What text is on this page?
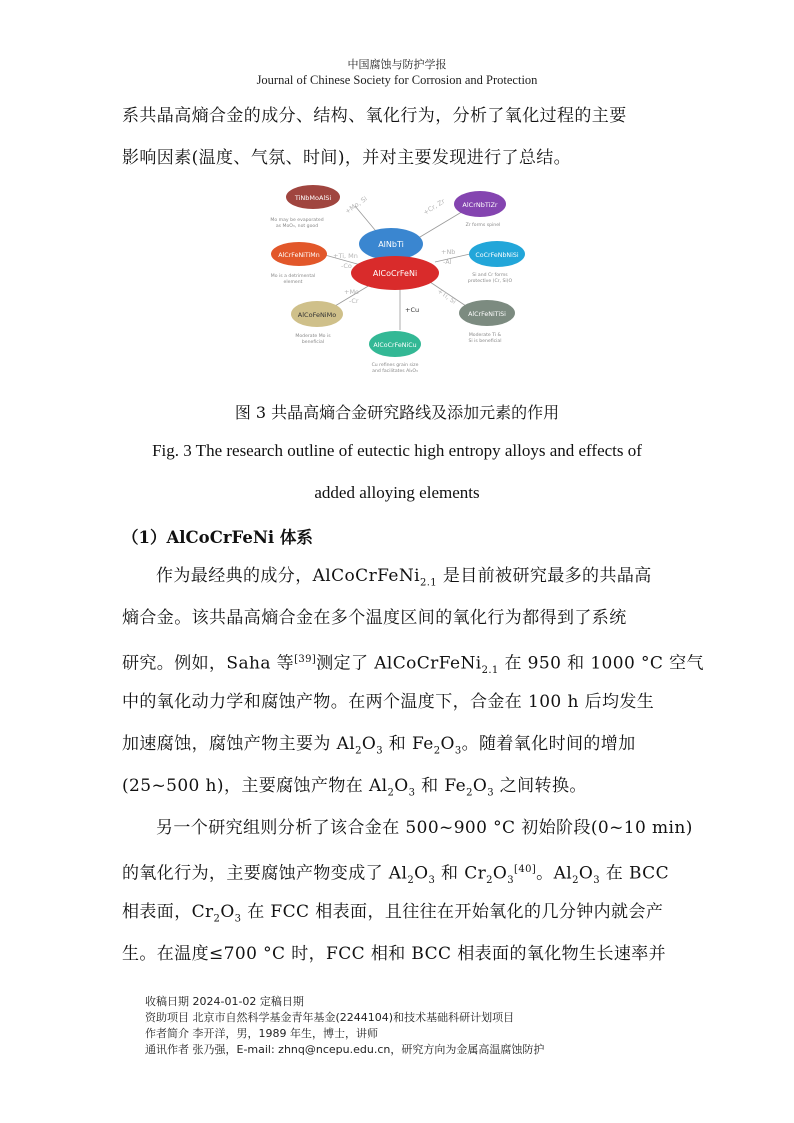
中国腐蚀与防护学报
Journal of Chinese Society for Corrosion and Protection
系共晶高熵合金的成分、结构、氧化行为，分析了氧化过程的主要
影响因素(温度、气氛、时间)，并对主要发现进行了总结。
+Mo, Si
+Ti, Mn
-Co
+Mo
-Cr
+Cu
+Cr, Zr
+Nb
-Al
+Ti, Si
TiNbMoAlSi
AlCrFeNiTiMn
AlCoFeNiMo
AlCoCrFeNiCu
AlCrNbTiZr
CoCrFeNbNiSi
AlCrFeNiTiSi
AlNbTi
AlCoCrFeNi
Mo may be evaporated
as MoO₃, not good
Mo is a detrimental
element
Moderate Mo is
beneficial
Cu refines grain size
and facilitates Al₂O₃
Zr forms spinel
Si and Cr forms
protective (Cr, Si)O
Moderate Ti &
Si is beneficial
图 3 共晶高熵合金研究路线及添加元素的作用
Fig. 3 The research outline of eutectic high entropy alloys and effects of
added alloying elements
（1）AlCoCrFeNi 体系
作为最经典的成分，AlCoCrFeNi$_{2.1}$ 是目前被研究最多的共晶高
熵合金。该共晶高熵合金在多个温度区间的氧化行为都得到了系统
研究。例如，Saha 等[39]测定了 AlCoCrFeNi$_{2.1}$ 在 950 和 1000 °C 空气
中的氧化动力学和腐蚀产物。在两个温度下，合金在 100 h 后均发生
加速腐蚀，腐蚀产物主要为 $Al_2O_3$ 和 $Fe_2O_3$。随着氧化时间的增加
(25~500 h)，主要腐蚀产物在 $Al_2O_3$ 和 $Fe_2O_3$ 之间转换。
另一个研究组则分析了该合金在 500~900 °C 初始阶段(0~10 min)
的氧化行为，主要腐蚀产物变成了 $Al_2O_3$ 和 $Cr_2O_3[40]$。$Al_2O_3$ 在 BCC
相表面，$Cr_2O_3$ 在 FCC 相表面，且往往在开始氧化的几分钟内就会产
生。在温度≤700 °C 时，FCC 相和 BCC 相表面的氧化物生长速率并
收稿日期 2024-01-02 定稿日期
资助项目 北京市自然科学基金青年基金(2244104)和技术基础科研计划项目
作者简介 李开洋，男，1989 年生，博士，讲师
通讯作者 张乃强，E-mail: zhnq@ncepu.edu.cn，研究方向为金属高温腐蚀防护
